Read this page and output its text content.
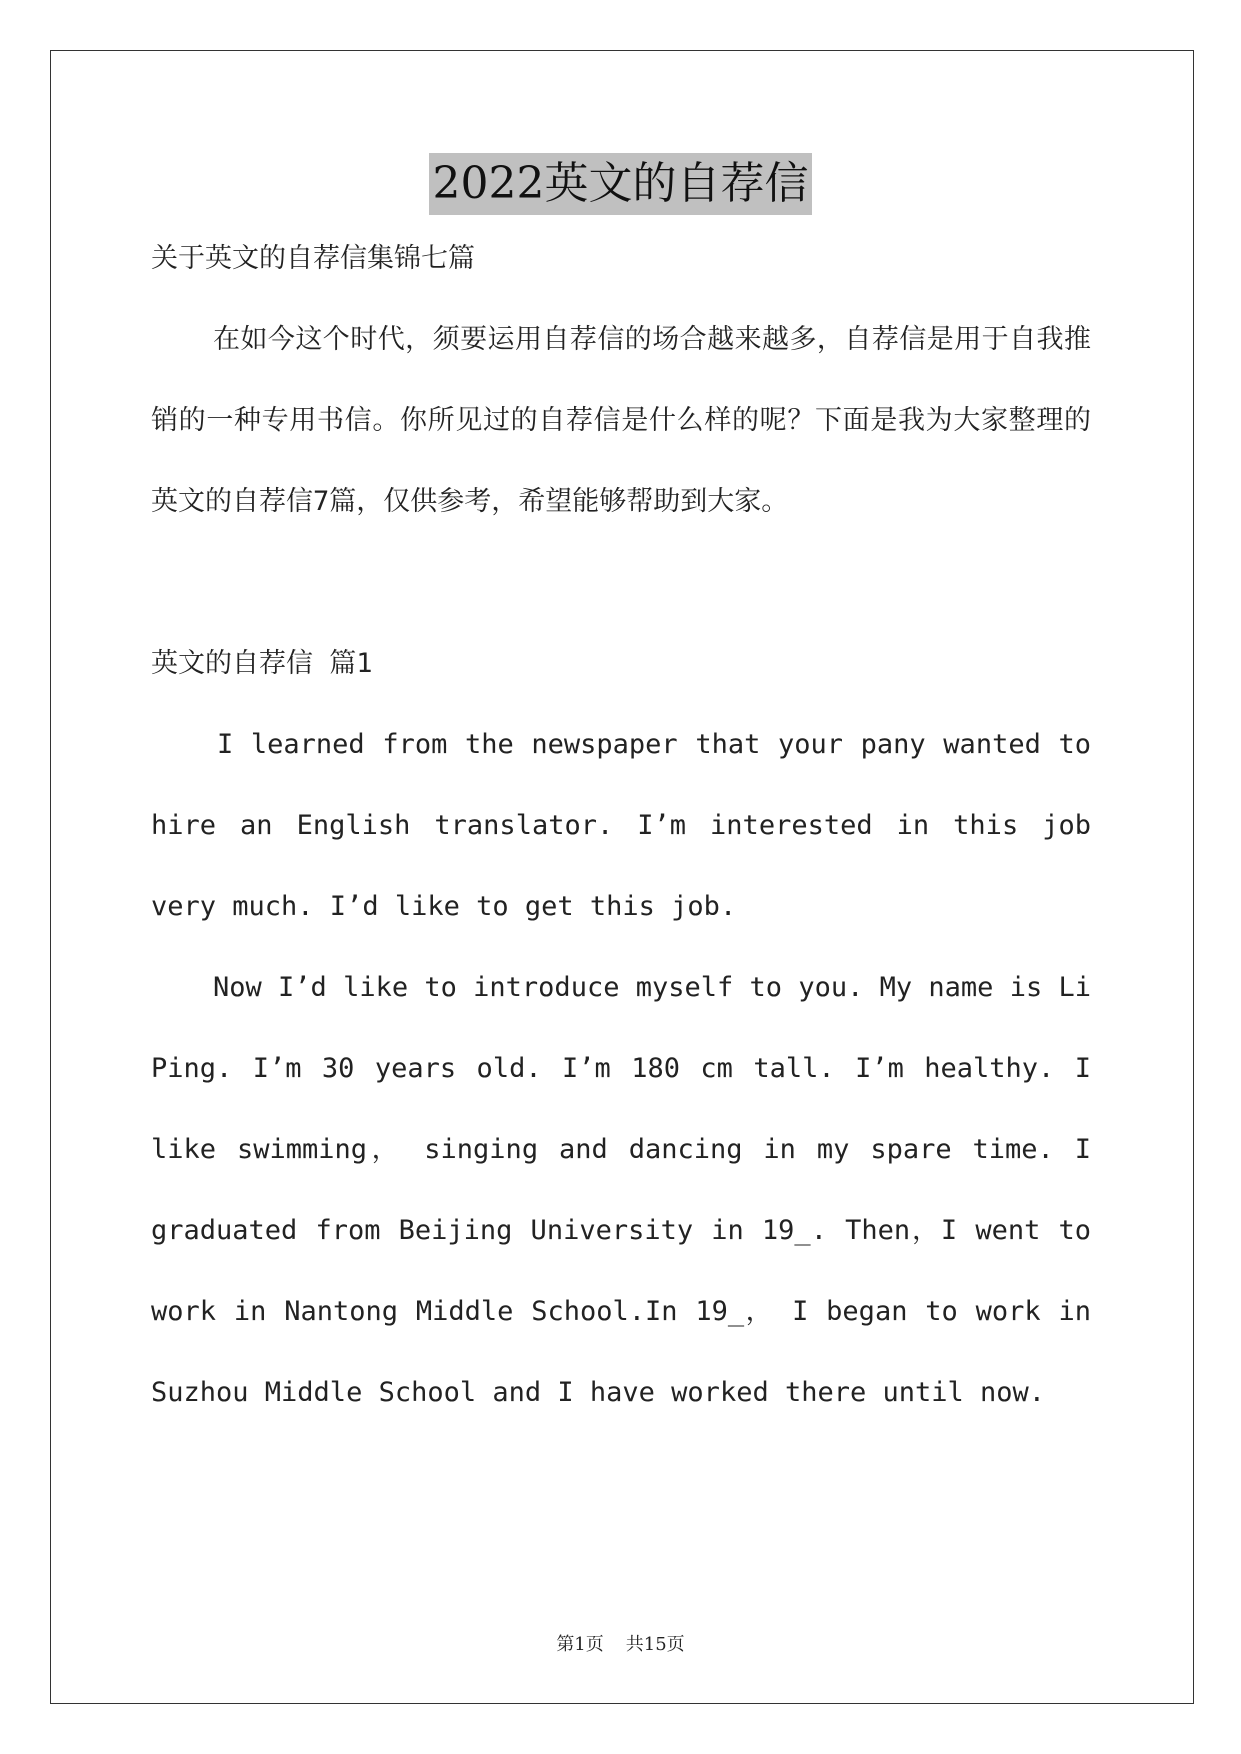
2022英文的自荐信

关于英文的自荐信集锦七篇

在如今这个时代，须要运用自荐信的场合越来越多，自荐信是用于自我推销的一种专用书信。你所见过的自荐信是什么样的呢？下面是我为大家整理的英文的自荐信7篇，仅供参考，希望能够帮助到大家。

英文的自荐信 篇1

I learned from the newspaper that your pany wanted to hire an English translator. I’m interested in this job very much. I’d like to get this job.

Now I’d like to introduce myself to you. My name is Li Ping. I’m 30 years old. I’m 180 cm tall. I’m healthy. I like swimming， singing and dancing in my spare time. I graduated from Beijing University in 19_. Then，I went to work in Nantong Middle School.In 19_， I began to work in Suzhou Middle School and I have worked there until now.

第1页 共15页
